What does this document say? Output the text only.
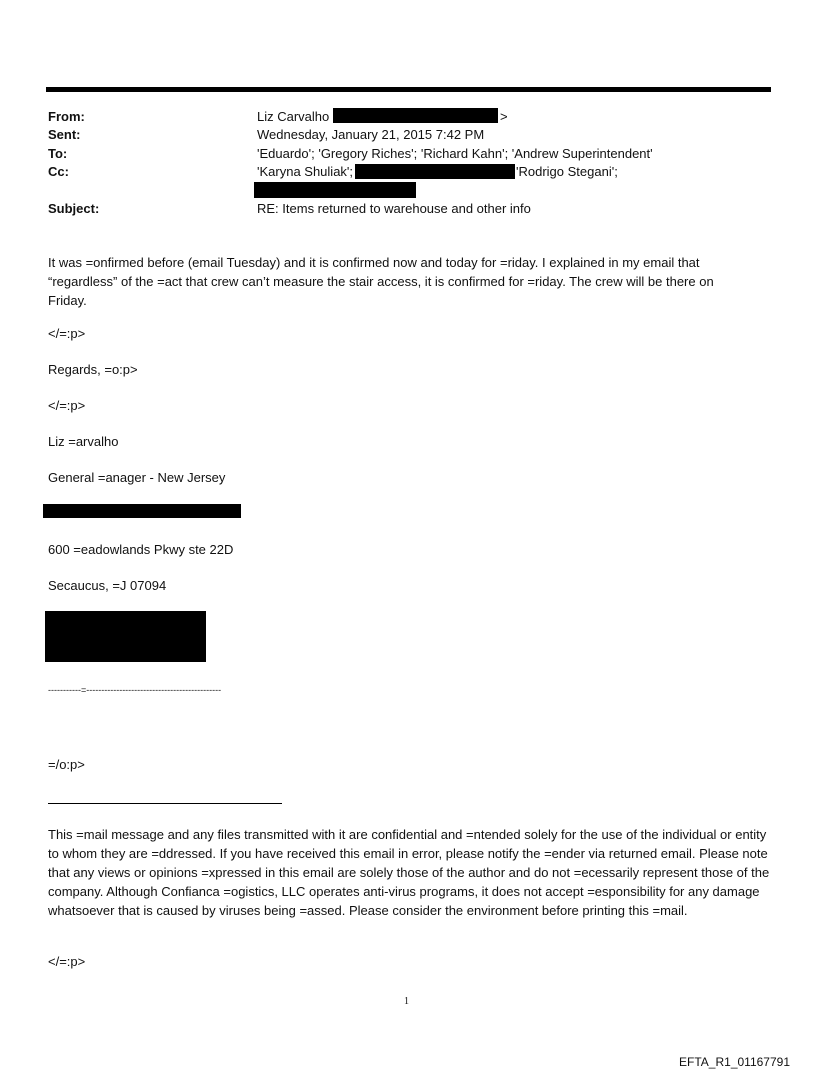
From:	Liz Carvalho	>
Sent:	Wednesday, January 21, 2015 7:42 PM
To:	'Eduardo'; 'Gregory Riches'; 'Richard Kahn'; 'Andrew Superintendent'
Cc:	'Karyna Shuliak';	'Rodrigo Stegani';
Subject:	RE: Items returned to warehouse and other info
It was =onfirmed before (email Tuesday) and it is confirmed now and today for =riday. I explained in my email that “regardless” of the =act that crew can’t measure the stair access, it is confirmed for =riday. The crew will be there on Friday.
</=:p>
Regards, =o:p>
</=:p>
Liz =arvalho
General =anager - New Jersey
600 =eadowlands Pkwy ste 22D
Secaucus, =J 07094
-----------=---------------------------------------------
=/o:p>
This =mail message and any files transmitted with it are confidential and =ntended solely for the use of the individual or entity to whom they are =ddressed. If you have received this email in error, please notify the =ender via returned email. Please note that any views or opinions =xpressed in this email are solely those of the author and do not =ecessarily represent those of the company. Although Confianca =ogistics, LLC operates anti-virus programs, it does not accept =esponsibility for any damage whatsoever that is caused by viruses being =assed. Please consider the environment before printing this =mail.
</=:p>
1
EFTA_R1_01167791
